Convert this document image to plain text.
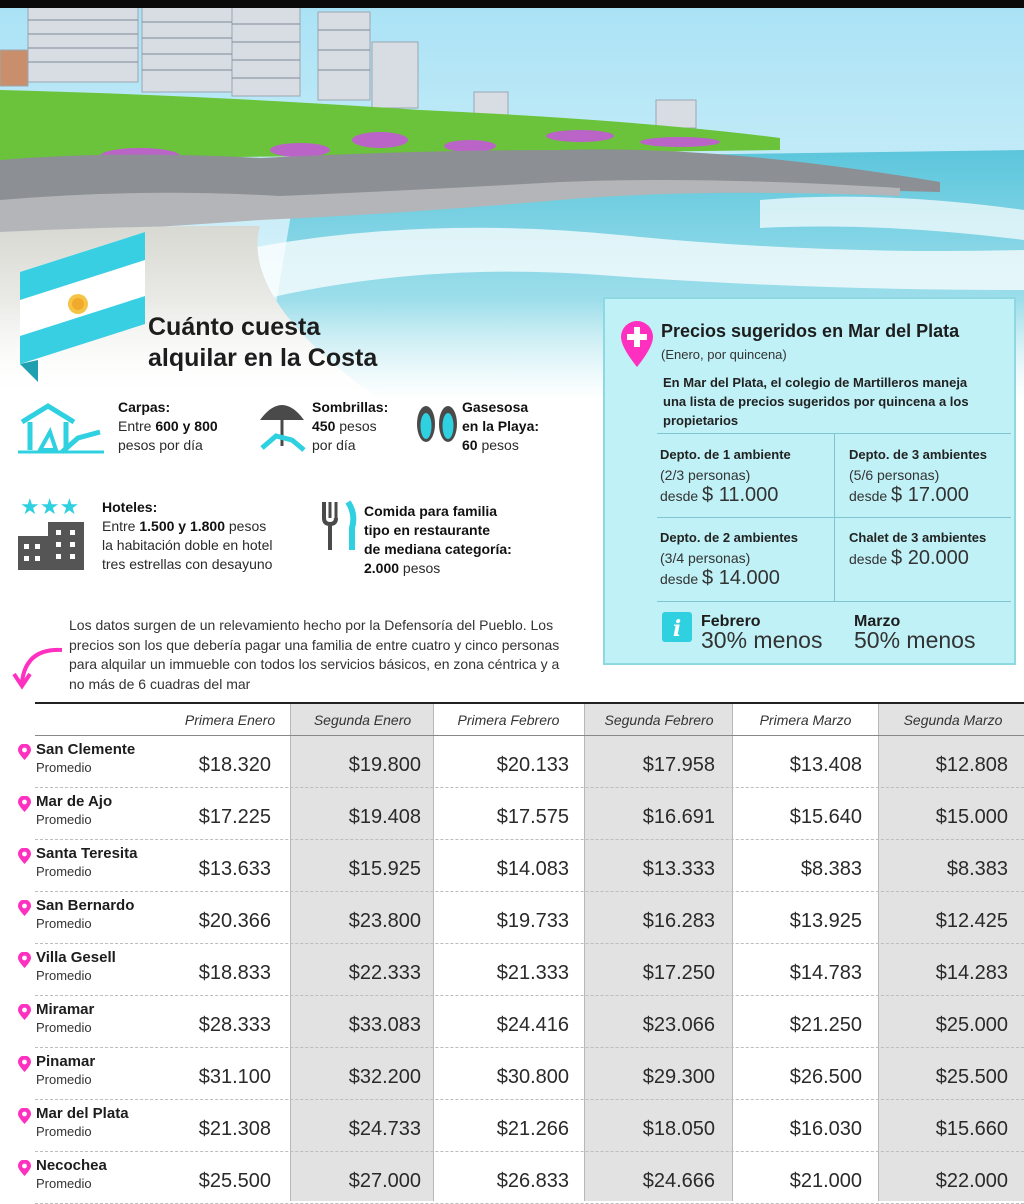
Cuánto cuesta
alquilar en la Costa
Carpas:
Entre 600 y 800
pesos por día
Sombrillas:
450 pesos
por día
Gasesosa
en la Playa:
60 pesos
★★★ Hoteles:
Entre 1.500 y 1.800 pesos
la habitación doble en hotel
tres estrellas con desayuno
Comida para familia
tipo en restaurante
de mediana categoría:
2.000 pesos
Precios sugeridos en Mar del Plata
(Enero, por quincena)
En Mar del Plata, el colegio de Martilleros maneja una lista de precios sugeridos por quincena a los propietarios
Depto. de 1 ambiente
(2/3 personas)
desde $ 11.000
Depto. de 3 ambientes
(5/6 personas)
desde $ 17.000
Depto. de 2 ambientes
(3/4 personas)
desde $ 14.000
Chalet de 3 ambientes
desde $ 20.000
i Febrero
30% menos
Marzo
50% menos
Los datos surgen de un relevamiento hecho por la Defensoría del Pueblo. Los precios son los que debería pagar una familia de entre cuatro y cinco personas para alquilar un immueble con todos los servicios básicos, en zona céntrica y a no más de 6 cuadras del mar
Primera Enero	Segunda Enero	Primera Febrero	Segunda Febrero	Primera Marzo	Segunda Marzo
San Clemente
Promedio	$18.320	$19.800	$20.133	$17.958	$13.408	$12.808
Mar de Ajo
Promedio	$17.225	$19.408	$17.575	$16.691	$15.640	$15.000
Santa Teresita
Promedio	$13.633	$15.925	$14.083	$13.333	$8.383	$8.383
San Bernardo
Promedio	$20.366	$23.800	$19.733	$16.283	$13.925	$12.425
Villa Gesell
Promedio	$18.833	$22.333	$21.333	$17.250	$14.783	$14.283
Miramar
Promedio	$28.333	$33.083	$24.416	$23.066	$21.250	$25.000
Pinamar
Promedio	$31.100	$32.200	$30.800	$29.300	$26.500	$25.500
Mar del Plata
Promedio	$21.308	$24.733	$21.266	$18.050	$16.030	$15.660
Necochea
Promedio	$25.500	$27.000	$26.833	$24.666	$21.000	$22.000
